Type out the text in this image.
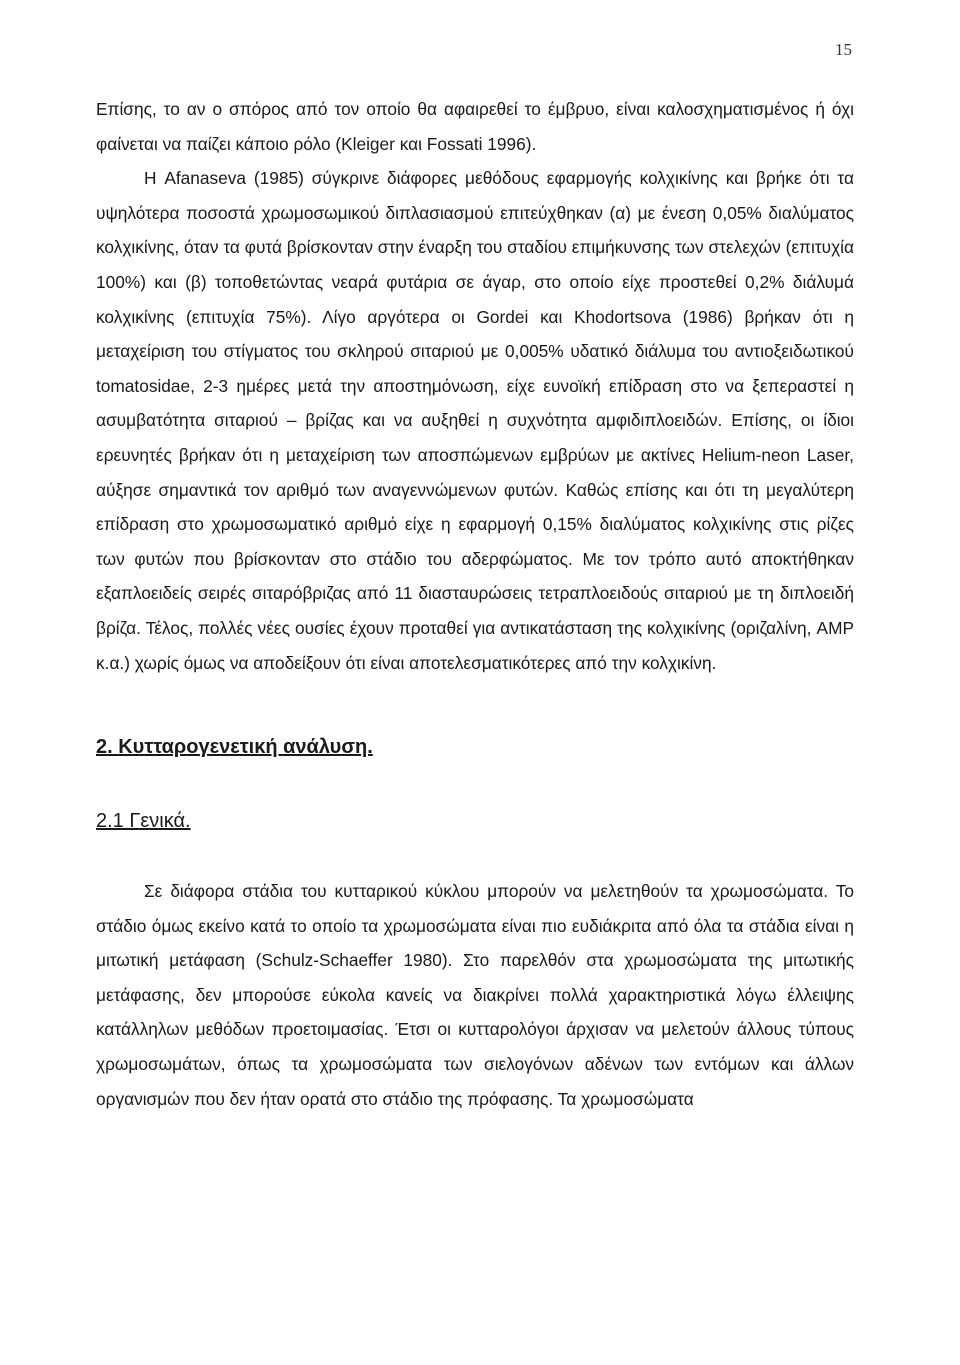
15

Επίσης, το αν ο σπόρος από τον οποίο θα αφαιρεθεί το έμβρυο, είναι καλοσχηματισμένος ή όχι φαίνεται να παίζει κάποιο ρόλο (Kleiger και Fossati 1996).

Η Afanaseva (1985) σύγκρινε διάφορες μεθόδους εφαρμογής κολχικίνης και βρήκε ότι τα υψηλότερα ποσοστά χρωμοσωμικού διπλασιασμού επιτεύχθηκαν (α) με ένεση 0,05% διαλύματος κολχικίνης, όταν τα φυτά βρίσκονταν στην έναρξη του σταδίου επιμήκυνσης των στελεχών (επιτυχία 100%) και (β) τοποθετώντας νεαρά φυτάρια σε άγαρ, στο οποίο είχε προστεθεί 0,2% διάλυμά κολχικίνης (επιτυχία 75%). Λίγο αργότερα οι Gordei και Khodortsova (1986) βρήκαν ότι η μεταχείριση του στίγματος του σκληρού σιταριού με 0,005% υδατικό διάλυμα του αντιοξειδωτικού tomatosidae, 2-3 ημέρες μετά την αποστημόνωση, είχε ευνοϊκή επίδραση στο να ξεπεραστεί η ασυμβατότητα σιταριού – βρίζας και να αυξηθεί η συχνότητα αμφιδιπλοειδών. Επίσης, οι ίδιοι ερευνητές βρήκαν ότι η μεταχείριση των αποσπώμενων εμβρύων με ακτίνες Helium-neon Laser, αύξησε σημαντικά τον αριθμό των αναγεννώμενων φυτών. Καθώς επίσης και ότι τη μεγαλύτερη επίδραση στο χρωμοσωματικό αριθμό είχε η εφαρμογή 0,15% διαλύματος κολχικίνης στις ρίζες των φυτών που βρίσκονταν στο στάδιο του αδερφώματος. Με τον τρόπο αυτό αποκτήθηκαν εξαπλοειδείς σειρές σιταρόβριζας από 11 διασταυρώσεις τετραπλοειδούς σιταριού με τη διπλοειδή βρίζα. Τέλος, πολλές νέες ουσίες έχουν προταθεί για αντικατάσταση της κολχικίνης (οριζαλίνη, AMP κ.α.) χωρίς όμως να αποδείξουν ότι είναι αποτελεσματικότερες από την κολχικίνη.

2. Κυτταρογενετική ανάλυση.
2.1 Γενικά.

Σε διάφορα στάδια του κυτταρικού κύκλου μπορούν να μελετηθούν τα χρωμοσώματα. Το στάδιο όμως εκείνο κατά το οποίο τα χρωμοσώματα είναι πιο ευδιάκριτα από όλα τα στάδια είναι η μιτωτική μετάφαση (Schulz-Schaeffer 1980). Στο παρελθόν στα χρωμοσώματα της μιτωτικής μετάφασης, δεν μπορούσε εύκολα κανείς να διακρίνει πολλά χαρακτηριστικά λόγω έλλειψης κατάλληλων μεθόδων προετοιμασίας. Έτσι οι κυτταρολόγοι άρχισαν να μελετούν άλλους τύπους χρωμοσωμάτων, όπως τα χρωμοσώματα των σιελογόνων αδένων των εντόμων και άλλων οργανισμών που δεν ήταν ορατά στο στάδιο της πρόφασης. Τα χρωμοσώματα
